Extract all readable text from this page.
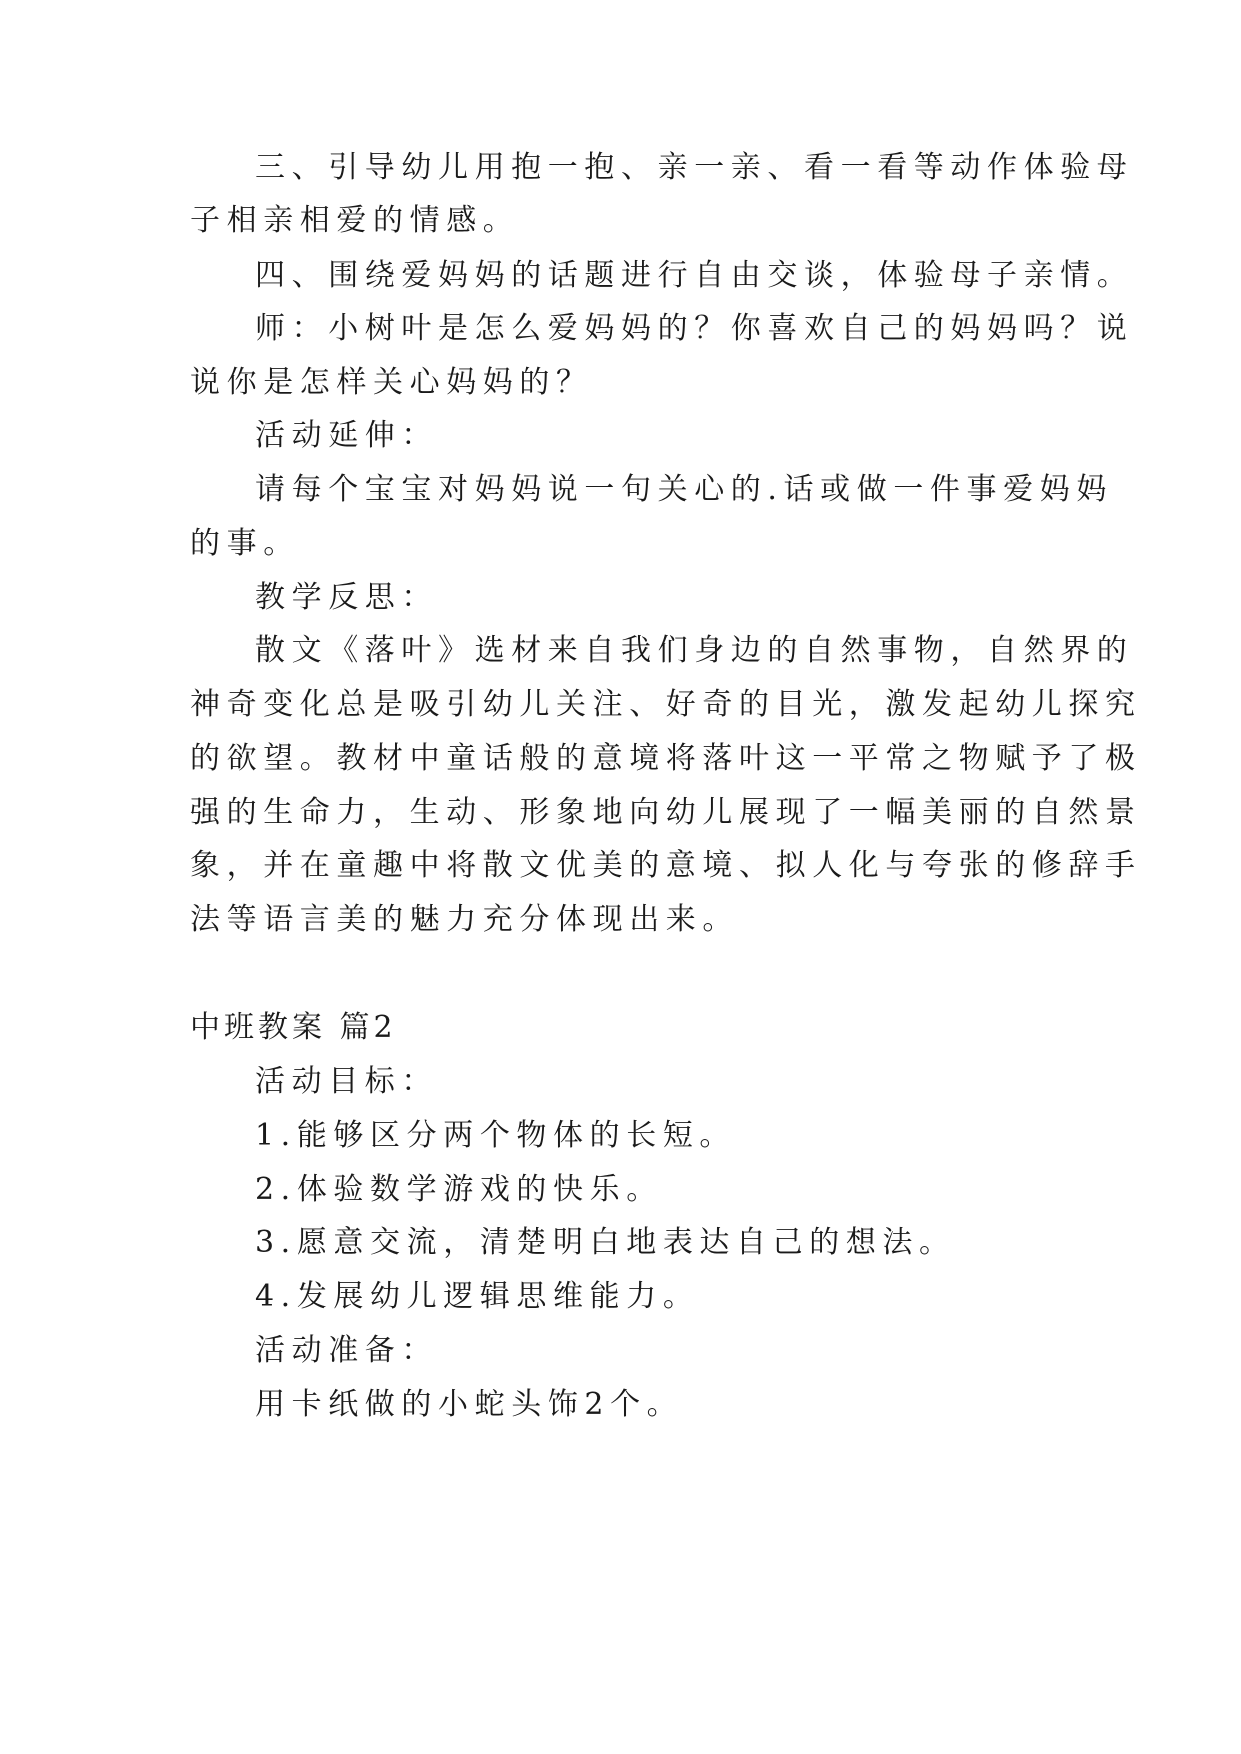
三、引导幼儿用抱一抱、亲一亲、看一看等动作体验母
子相亲相爱的情感。
四、围绕爱妈妈的话题进行自由交谈，体验母子亲情。
师：小树叶是怎么爱妈妈的？你喜欢自己的妈妈吗？说
说你是怎样关心妈妈的？
活动延伸：
请每个宝宝对妈妈说一句关心的.话或做一件事爱妈妈
的事。
教学反思：
散文《落叶》选材来自我们身边的自然事物，自然界的
神奇变化总是吸引幼儿关注、好奇的目光，激发起幼儿探究
的欲望。教材中童话般的意境将落叶这一平常之物赋予了极
强的生命力，生动、形象地向幼儿展现了一幅美丽的自然景
象，并在童趣中将散文优美的意境、拟人化与夸张的修辞手
法等语言美的魅力充分体现出来。
中班教案 篇2
活动目标：
1.能够区分两个物体的长短。
2.体验数学游戏的快乐。
3.愿意交流，清楚明白地表达自己的想法。
4.发展幼儿逻辑思维能力。
活动准备：
用卡纸做的小蛇头饰2个。
